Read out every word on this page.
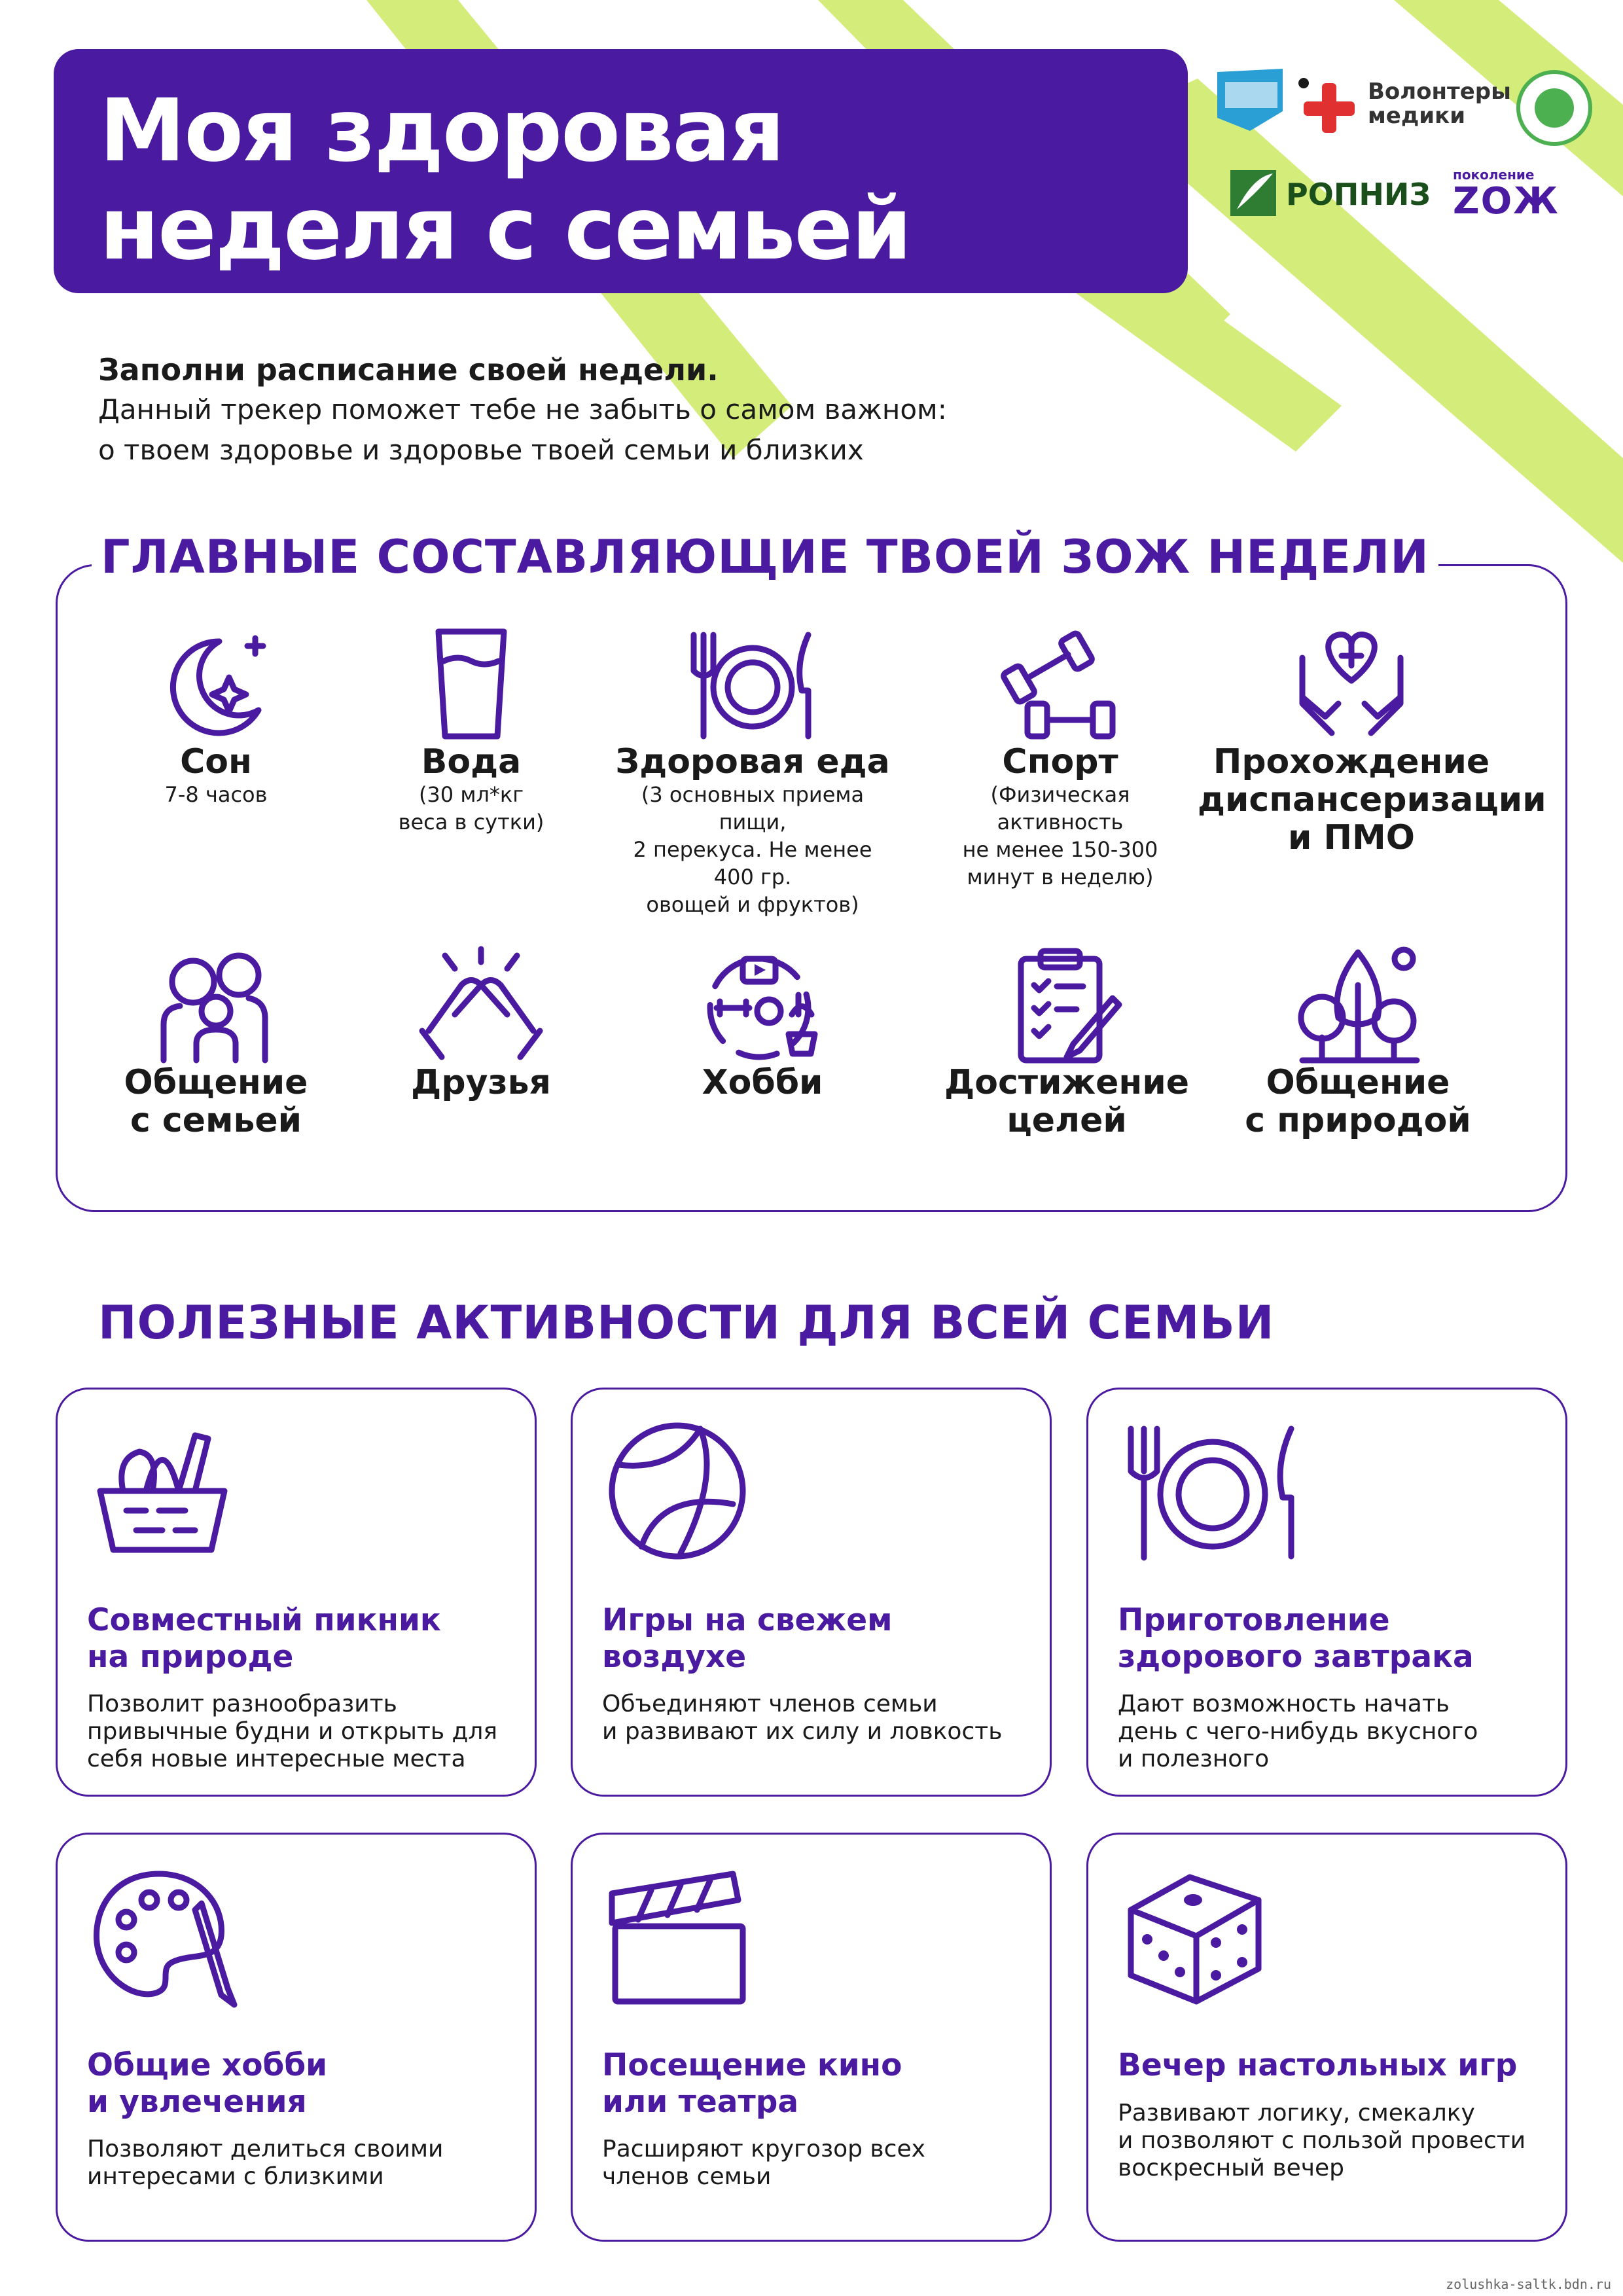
Моя здоровая
неделя с семьей
Волонтеры
медики
РОПНИЗ
поколение
ZOЖ
Заполни расписание своей недели.
Данный трекер поможет тебе не забыть о самом важном:
о твоем здоровье и здоровье твоей семьи и близких
ГЛАВНЫЕ СОСТАВЛЯЮЩИЕ ТВОЕЙ ЗОЖ НЕДЕЛИ
Сон
7-8 часов
Вода
(30 мл*кг
веса в сутки)
Здоровая еда
(3 основных приема пищи,
2 перекуса. Не менее 400 гр.
овощей и фруктов)
Спорт
(Физическая
активность
не менее 150-300
минут в неделю)
Прохождение
диспансеризации
и ПМО
Общение
с семьей
Друзья	Хобби	Достижение
целей
Общение
с природой
ПОЛЕЗНЫЕ АКТИВНОСТИ ДЛЯ ВСЕЙ СЕМЬИ
Совместный пикник
на природе
Позволит разнообразить
привычные будни и открыть для
себя новые интересные места
Игры на свежем
воздухе
Объединяют членов семьи
и развивают их силу и ловкость
Приготовление
здорового завтрака
Дают возможность начать
день с чего-нибудь вкусного
и полезного
Общие хобби
и увлечения
Позволяют делиться своими
интересами с близкими
Посещение кино
или театра
Расширяют кругозор всех
членов семьи
Вечер настольных игр
Развивают логику, смекалку
и позволяют с пользой провести
воскресный вечер
zolushka-saltk.bdn.ru
